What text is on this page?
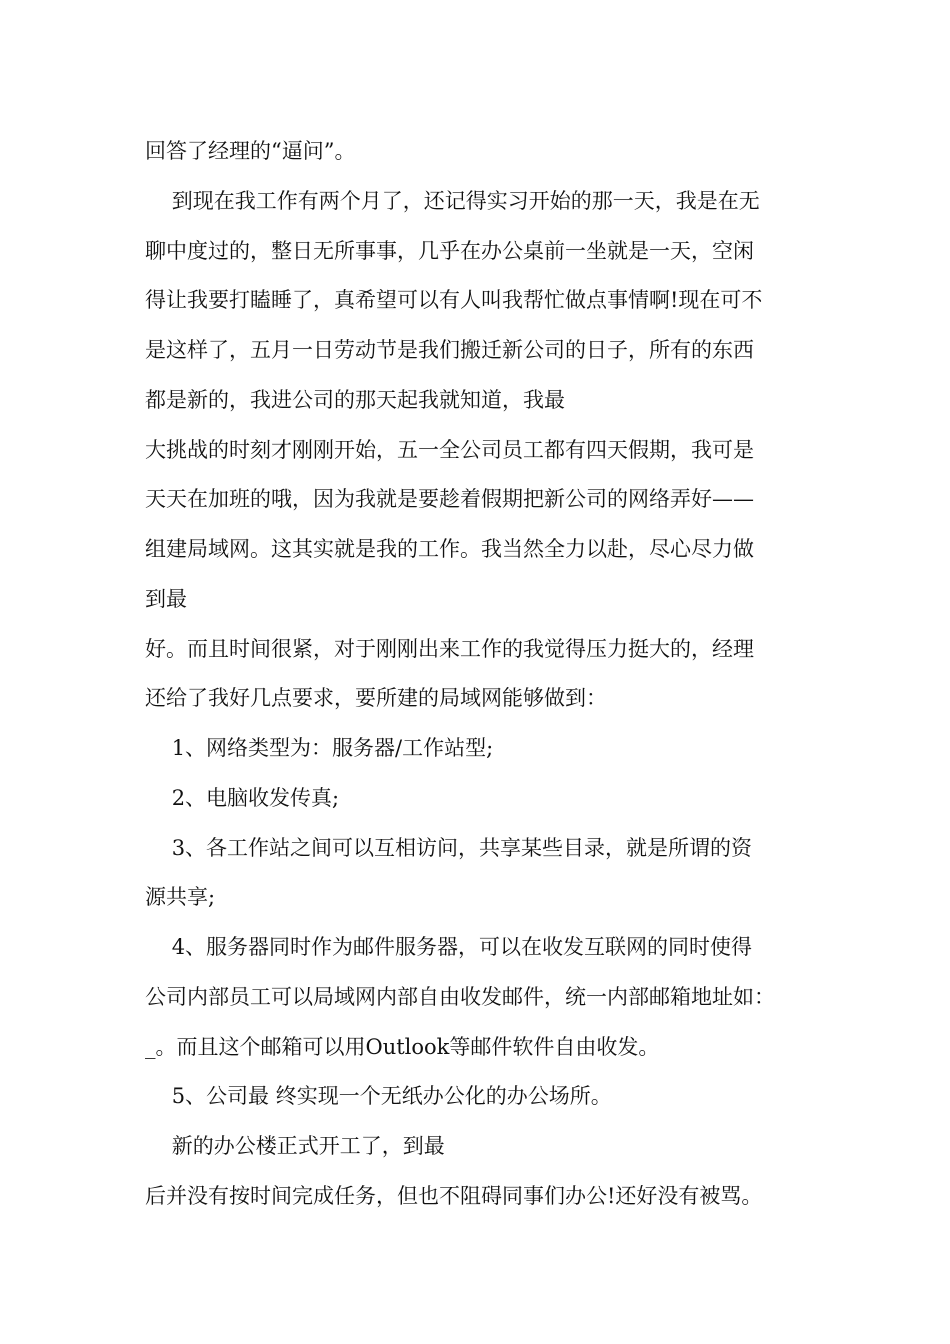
回答了经理的“逼问”。

到现在我工作有两个月了，还记得实习开始的那一天，我是在无

聊中度过的，整日无所事事，几乎在办公桌前一坐就是一天，空闲

得让我要打瞌睡了，真希望可以有人叫我帮忙做点事情啊!现在可不

是这样了，五月一日劳动节是我们搬迁新公司的日子，所有的东西

都是新的，我进公司的那天起我就知道，我最

大挑战的时刻才刚刚开始，五一全公司员工都有四天假期，我可是

天天在加班的哦，因为我就是要趁着假期把新公司的网络弄好——

组建局域网。这其实就是我的工作。我当然全力以赴，尽心尽力做

到最

好。而且时间很紧，对于刚刚出来工作的我觉得压力挺大的，经理

还给了我好几点要求，要所建的局域网能够做到：

1、网络类型为：服务器/工作站型;

2、电脑收发传真;

3、各工作站之间可以互相访问，共享某些目录，就是所谓的资

源共享;

4、服务器同时作为邮件服务器，可以在收发互联网的同时使得

公司内部员工可以局域网内部自由收发邮件，统一内部邮箱地址如：

_。而且这个邮箱可以用Outlook等邮件软件自由收发。

5、公司最 终实现一个无纸办公化的办公场所。

新的办公楼正式开工了，到最

后并没有按时间完成任务，但也不阻碍同事们办公!还好没有被骂。
